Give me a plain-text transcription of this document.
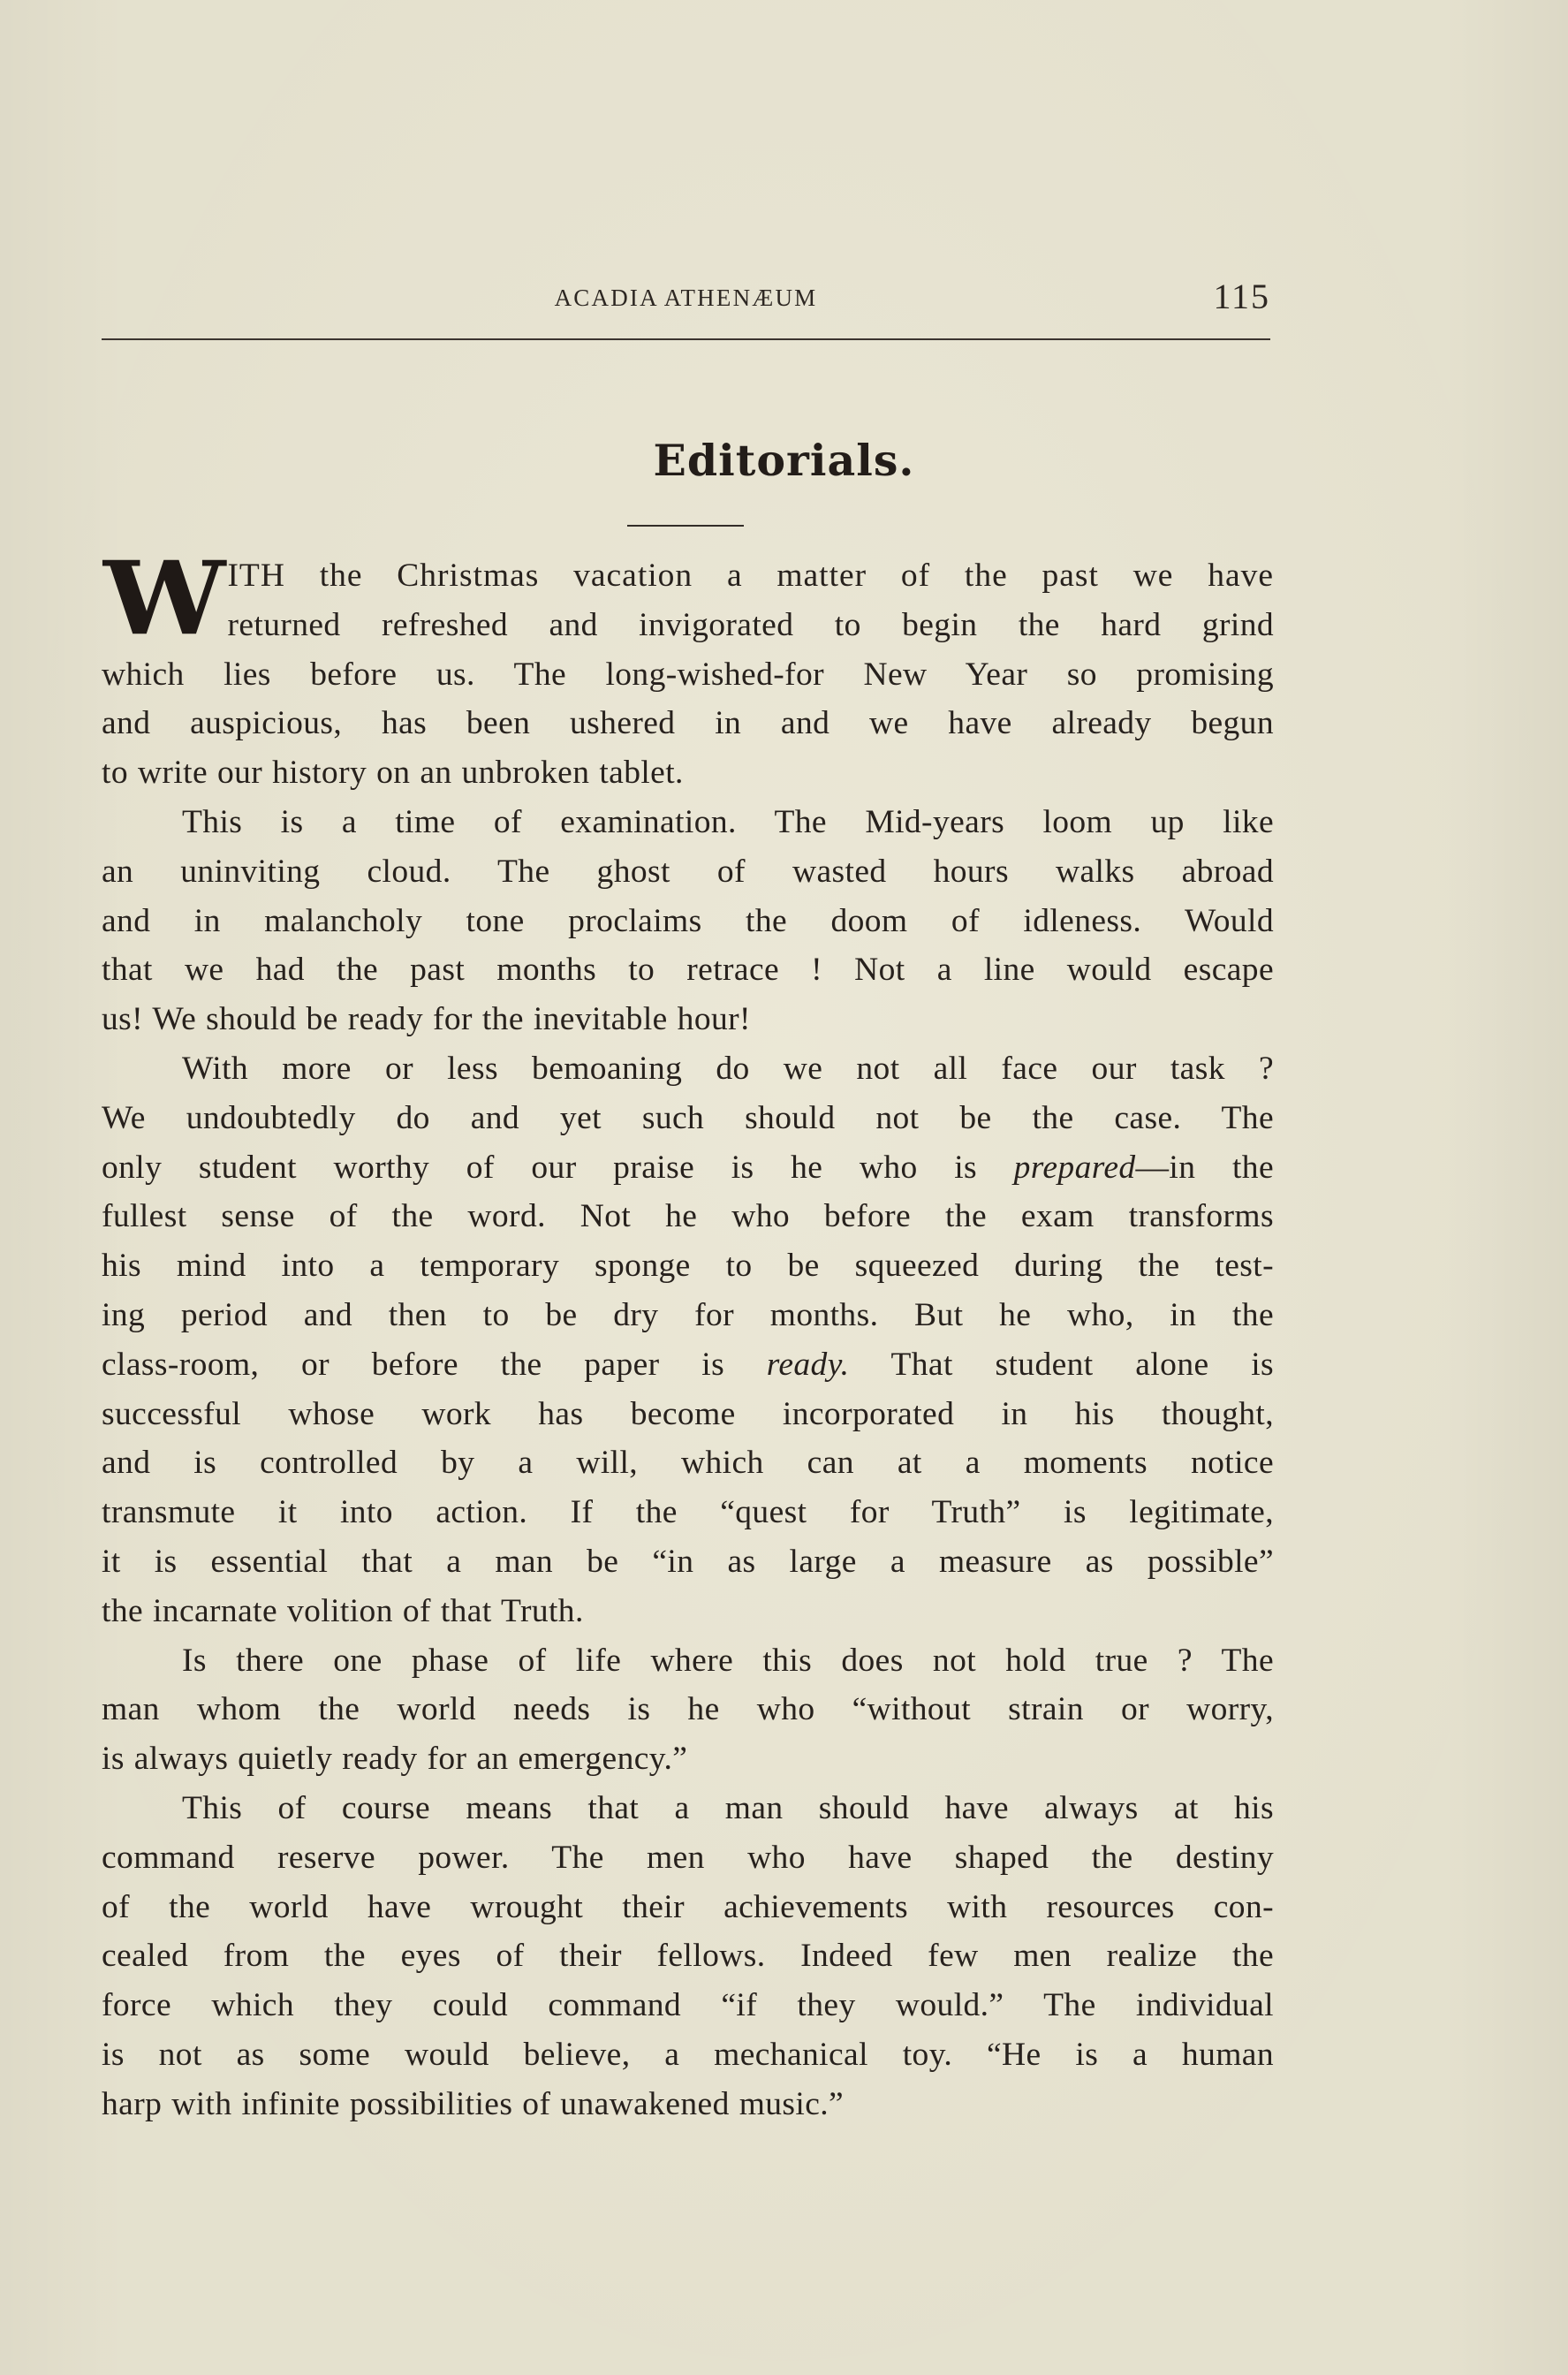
ACADIA ATHENÆUM	115
Editorials.

W ITH the Christmas vacation a matter of the past we have
returned refreshed and invigorated to begin the hard grind
which lies before us. The long-wished-for New Year so promising
and auspicious, has been ushered in and we have already begun
to write our history on an unbroken tablet.

This is a time of examination. The Mid-years loom up like
an uninviting cloud. The ghost of wasted hours walks abroad
and in malancholy tone proclaims the doom of idleness. Would
that we had the past months to retrace ! Not a line would escape
us! We should be ready for the inevitable hour!

With more or less bemoaning do we not all face our task ?
We undoubtedly do and yet such should not be the case. The
only student worthy of our praise is he who is prepared—in the
fullest sense of the word. Not he who before the exam transforms
his mind into a temporary sponge to be squeezed during the test-
ing period and then to be dry for months. But he who, in the
class-room, or before the paper is ready. That student alone is
successful whose work has become incorporated in his thought,
and is controlled by a will, which can at a moments notice
transmute it into action. If the “quest for Truth” is legitimate,
it is essential that a man be “in as large a measure as possible”
the incarnate volition of that Truth.

Is there one phase of life where this does not hold true ? The
man whom the world needs is he who “without strain or worry,
is always quietly ready for an emergency.”

This of course means that a man should have always at his
command reserve power. The men who have shaped the destiny
of the world have wrought their achievements with resources con-
cealed from the eyes of their fellows. Indeed few men realize the
force which they could command “if they would.” The individual
is not as some would believe, a mechanical toy. “He is a human
harp with infinite possibilities of unawakened music.”
